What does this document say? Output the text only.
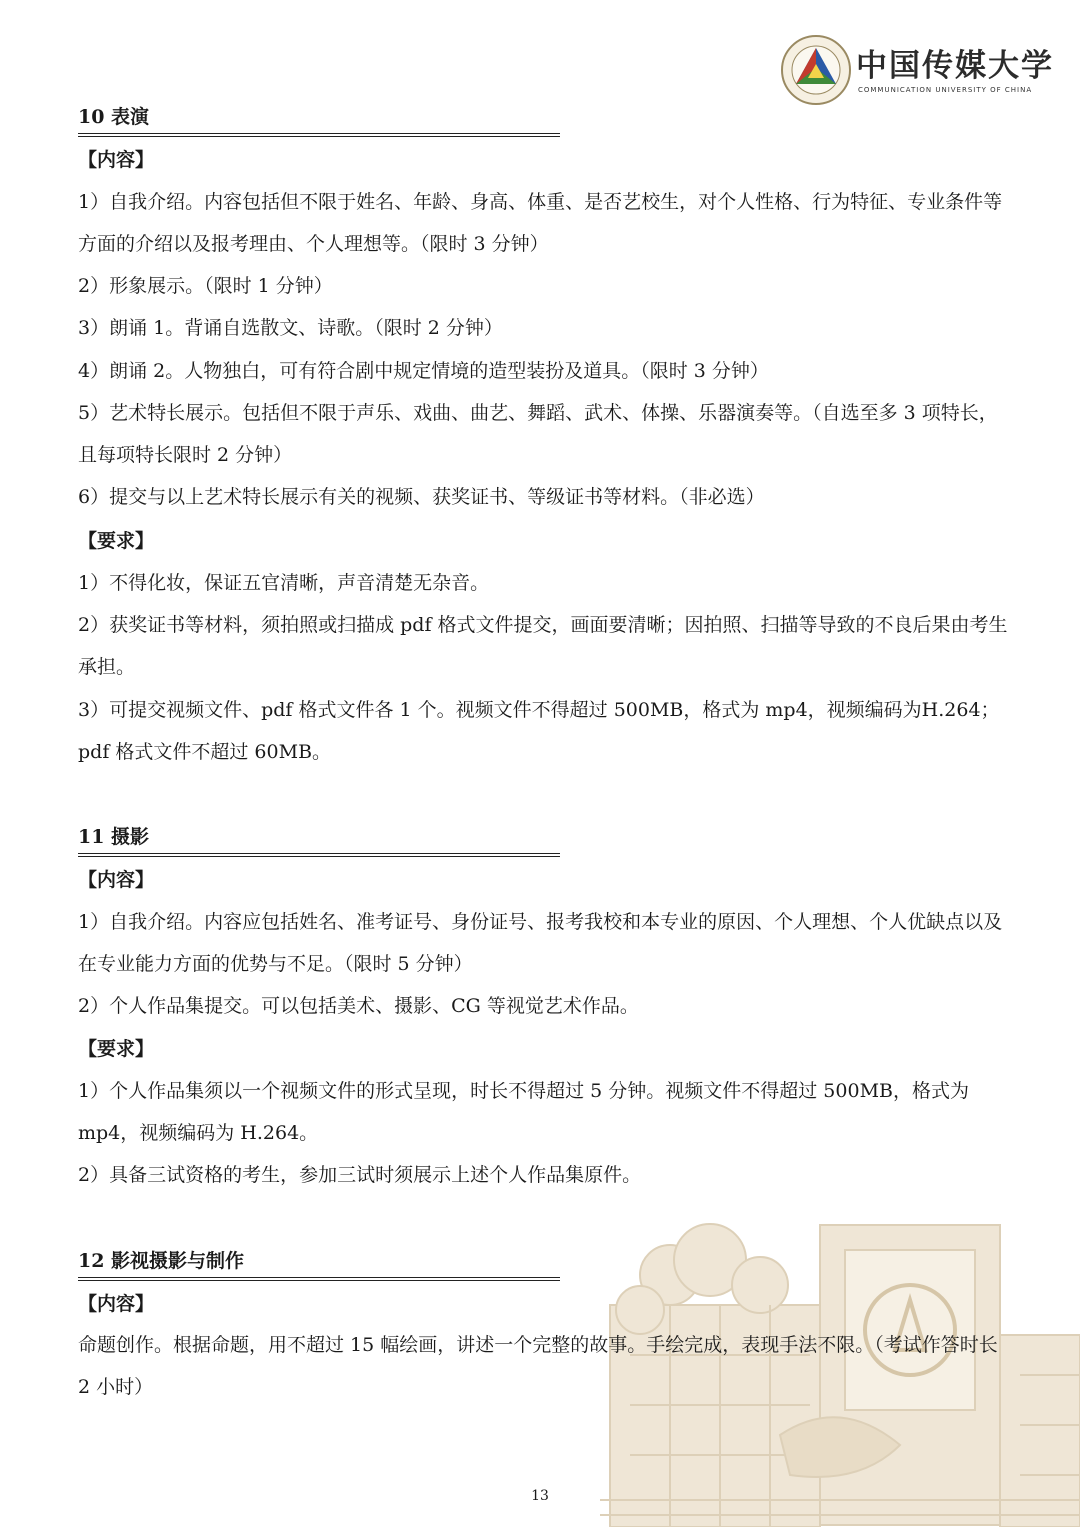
中国传媒大学
COMMUNICATION UNIVERSITY OF CHINA
10 表演
【内容】
1）自我介绍。内容包括但不限于姓名、年龄、身高、体重、是否艺校生，对个人性格、行为特征、专业条件等方面的介绍以及报考理由、个人理想等。（限时 3 分钟）
2）形象展示。（限时 1 分钟）
3）朗诵 1。背诵自选散文、诗歌。（限时 2 分钟）
4）朗诵 2。人物独白，可有符合剧中规定情境的造型装扮及道具。（限时 3 分钟）
5）艺术特长展示。包括但不限于声乐、戏曲、曲艺、舞蹈、武术、体操、乐器演奏等。（自选至多 3 项特长，且每项特长限时 2 分钟）
6）提交与以上艺术特长展示有关的视频、获奖证书、等级证书等材料。（非必选）
【要求】
1）不得化妆，保证五官清晰，声音清楚无杂音。
2）获奖证书等材料，须拍照或扫描成 pdf 格式文件提交，画面要清晰；因拍照、扫描等导致的不良后果由考生承担。
3）可提交视频文件、pdf 格式文件各 1 个。视频文件不得超过 500MB，格式为 mp4，视频编码为H.264；pdf 格式文件不超过 60MB。
11 摄影
【内容】
1）自我介绍。内容应包括姓名、准考证号、身份证号、报考我校和本专业的原因、个人理想、个人优缺点以及在专业能力方面的优势与不足。（限时 5 分钟）
2）个人作品集提交。可以包括美术、摄影、CG 等视觉艺术作品。
【要求】
1）个人作品集须以一个视频文件的形式呈现，时长不得超过 5 分钟。视频文件不得超过 500MB，格式为 mp4，视频编码为 H.264。
2）具备三试资格的考生，参加三试时须展示上述个人作品集原件。
12 影视摄影与制作
【内容】
命题创作。根据命题，用不超过 15 幅绘画，讲述一个完整的故事。手绘完成，表现手法不限。（考试作答时长 2 小时）
13
